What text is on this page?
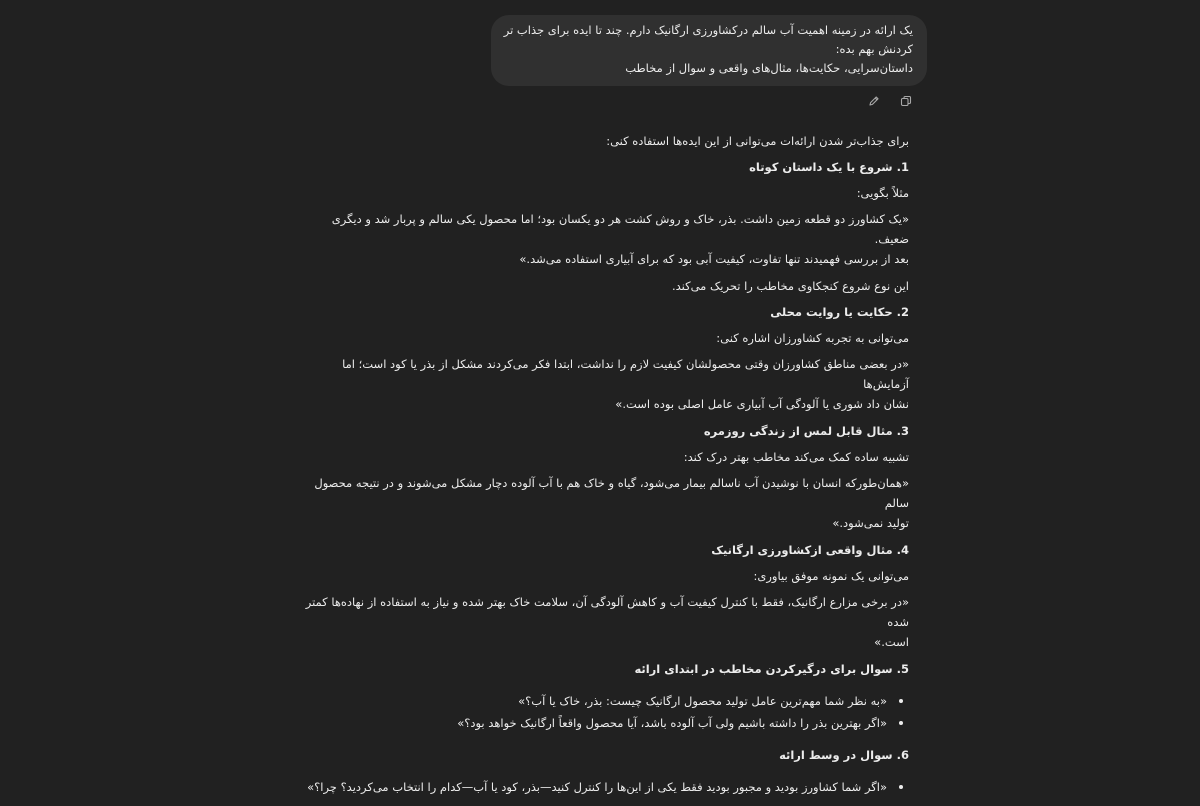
یک ارائه در زمینه اهمیت آب سالم درکشاورزی ارگانیک دارم. چند تا ایده برای جذاب تر
کردنش بهم بده:
داستان‌سرایی، حکایت‌ها، مثال‌های واقعی و سوال از مخاطب

برای جذاب‌تر شدن ارائه‌ات می‌توانی از این ایده‌ها استفاده کنی:

1. شروع با یک داستان کوتاه

مثلاً بگویی:

«یک کشاورز دو قطعه زمین داشت. بذر، خاک و روش کشت هر دو یکسان بود؛ اما محصول یکی سالم و پربار شد و دیگری ضعیف.
بعد از بررسی فهمیدند تنها تفاوت، کیفیت آبی بود که برای آبیاری استفاده می‌شد.»

این نوع شروع کنجکاوی مخاطب را تحریک می‌کند.

2. حکایت یا روایت محلی

می‌توانی به تجربه کشاورزان اشاره کنی:

«در بعضی مناطق کشاورزان وقتی محصولشان کیفیت لازم را نداشت، ابتدا فکر می‌کردند مشکل از بذر یا کود است؛ اما آزمایش‌ها
نشان داد شوری یا آلودگی آب آبیاری عامل اصلی بوده است.»
3. مثال قابل لمس از زندگی روزمره

تشبیه ساده کمک می‌کند مخاطب بهتر درک کند:

«همان‌طورکه انسان با نوشیدن آب ناسالم بیمار می‌شود، گیاه و خاک هم با آب آلوده دچار مشکل می‌شوند و در نتیجه محصول سالم
تولید نمی‌شود.»
4. مثال واقعی ازکشاورزی ارگانیک

می‌توانی یک نمونه موفق بیاوری:

«در برخی مزارع ارگانیک، فقط با کنترل کیفیت آب و کاهش آلودگی آن، سلامت خاک بهتر شده و نیاز به استفاده از نهاده‌ها کمتر شده
است.»
5. سوال برای درگیرکردن مخاطب در ابتدای ارائه
«به نظر شما مهم‌ترین عامل تولید محصول ارگانیک چیست: بذر، خاک یا آب؟»
«اگر بهترین بذر را داشته باشیم ولی آب آلوده باشد، آیا محصول واقعاً ارگانیک خواهد بود؟»
6. سوال در وسط ارائه
«اگر شما کشاورز بودید و مجبور بودید فقط یکی از این‌ها را کنترل کنید—بذر، کود یا آب—کدام را انتخاب می‌کردید؟ چرا؟»
